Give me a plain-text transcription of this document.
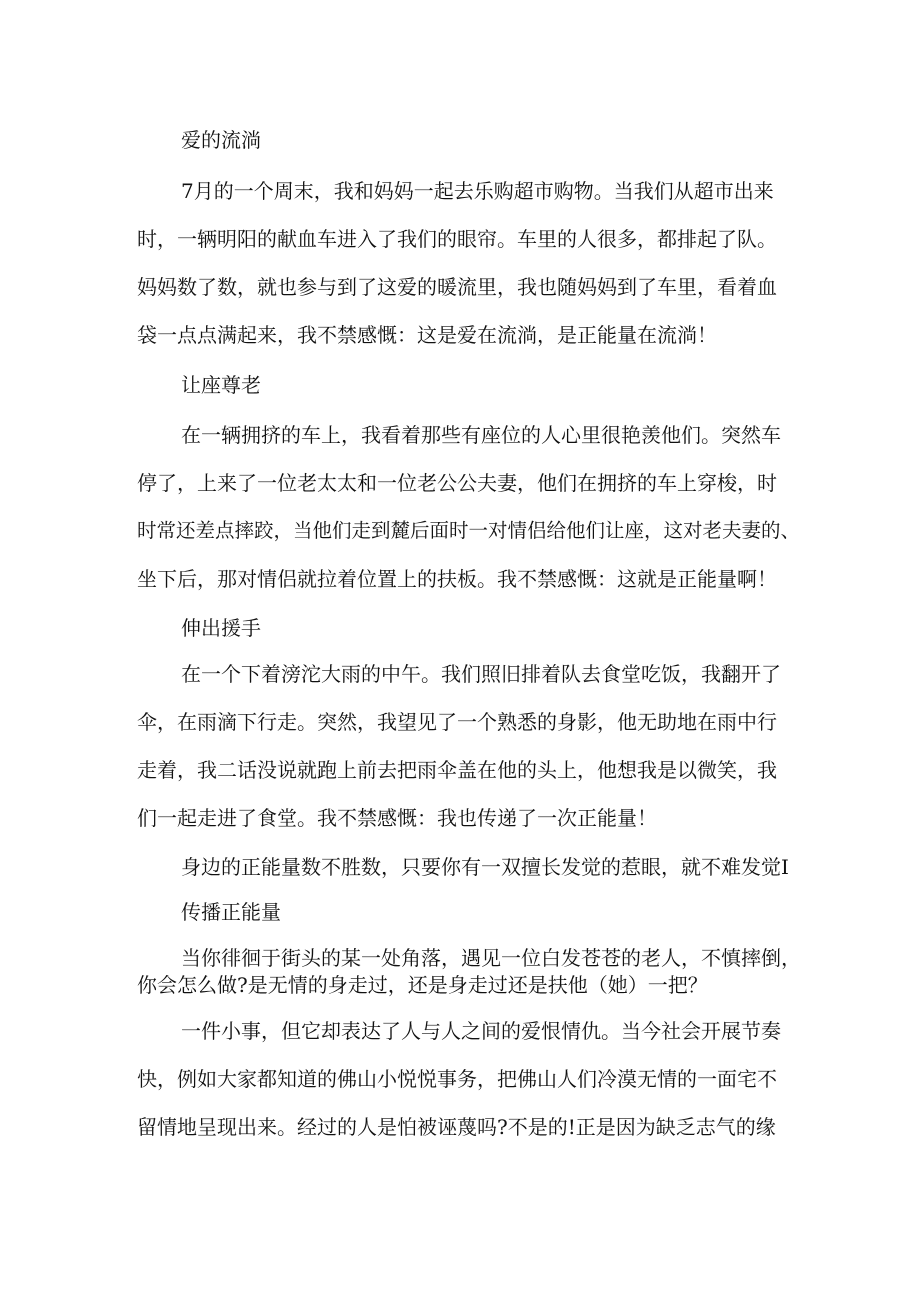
爱的流淌
7月的一个周末，我和妈妈一起去乐购超市购物。当我们从超市出来
时，一辆明阳的献血车进入了我们的眼帘。车里的人很多，都排起了队。
妈妈数了数，就也参与到了这爱的暖流里，我也随妈妈到了车里，看着血
袋一点点满起来，我不禁感慨：这是爱在流淌，是正能量在流淌！
让座尊老
在一辆拥挤的车上，我看着那些有座位的人心里很艳羡他们。突然车
停了，上来了一位老太太和一位老公公夫妻，他们在拥挤的车上穿梭，时
时常还差点摔跤，当他们走到麓后面时一对情侣给他们让座，这对老夫妻的、
坐下后，那对情侣就拉着位置上的扶板。我不禁感慨：这就是正能量啊！
伸出援手
在一个下着滂沱大雨的中午。我们照旧排着队去食堂吃饭，我翻开了
伞，在雨滴下行走。突然，我望见了一个熟悉的身影，他无助地在雨中行
走着，我二话没说就跑上前去把雨伞盖在他的头上，他想我是以微笑，我
们一起走进了食堂。我不禁感慨：我也传递了一次正能量！
身边的正能量数不胜数，只要你有一双擅长发觉的惹眼，就不难发觉I
传播正能量
当你徘徊于街头的某一处角落，遇见一位白发苍苍的老人，不慎摔倒，
你会怎么做?是无情的身走过，还是身走过还是扶他（她）一把？
一件小事，但它却表达了人与人之间的爱恨情仇。当今社会开展节奏
快，例如大家都知道的佛山小悦悦事务，把佛山人们冷漠无情的一面宅不
留情地呈现出来。经过的人是怕被诬蔑吗?不是的!正是因为缺乏志气的缘
